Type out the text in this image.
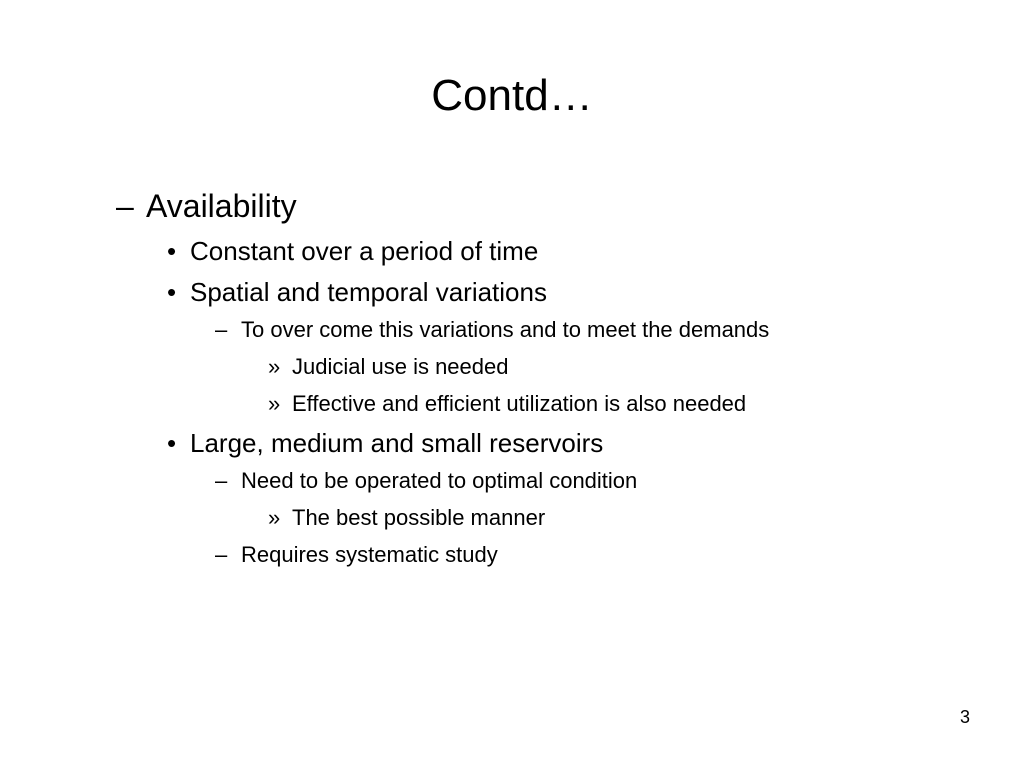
Contd…
– Availability
• Constant over a period of time
• Spatial and temporal variations
– To over come this variations and to meet the demands
» Judicial use is needed
» Effective and efficient utilization is also needed
• Large, medium and small reservoirs
– Need to be operated to optimal condition
» The best possible manner
– Requires systematic study
3
